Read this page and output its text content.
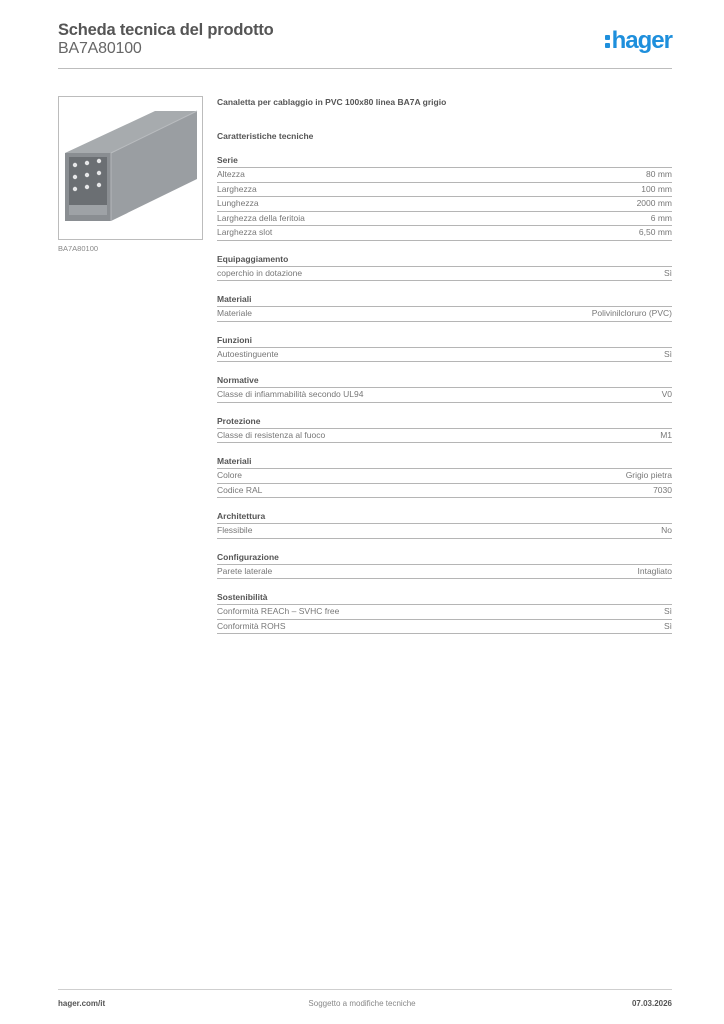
Scheda tecnica del prodotto
BA7A80100	hager
BA7A80100
Canaletta per cablaggio in PVC 100x80 linea BA7A grigio
Caratteristiche tecniche
Serie
Altezza	80 mm
Larghezza	100 mm
Lunghezza	2000 mm
Larghezza della feritoia	6 mm
Larghezza slot	6,50 mm
Equipaggiamento
coperchio in dotazione	Sì
Materiali
Materiale	Polivinilcloruro (PVC)
Funzioni
Autoestinguente	Sì
Normative
Classe di infiammabilità secondo UL94	V0
Protezione
Classe di resistenza al fuoco	M1
Materiali
Colore	Grigio pietra
Codice RAL	7030
Architettura
Flessibile	No
Configurazione
Parete laterale	Intagliato
Sostenibilità
Conformità REACh – SVHC free	Sì
Conformità ROHS	Sì
hager.com/it	Soggetto a modifiche tecniche	07.03.2026
